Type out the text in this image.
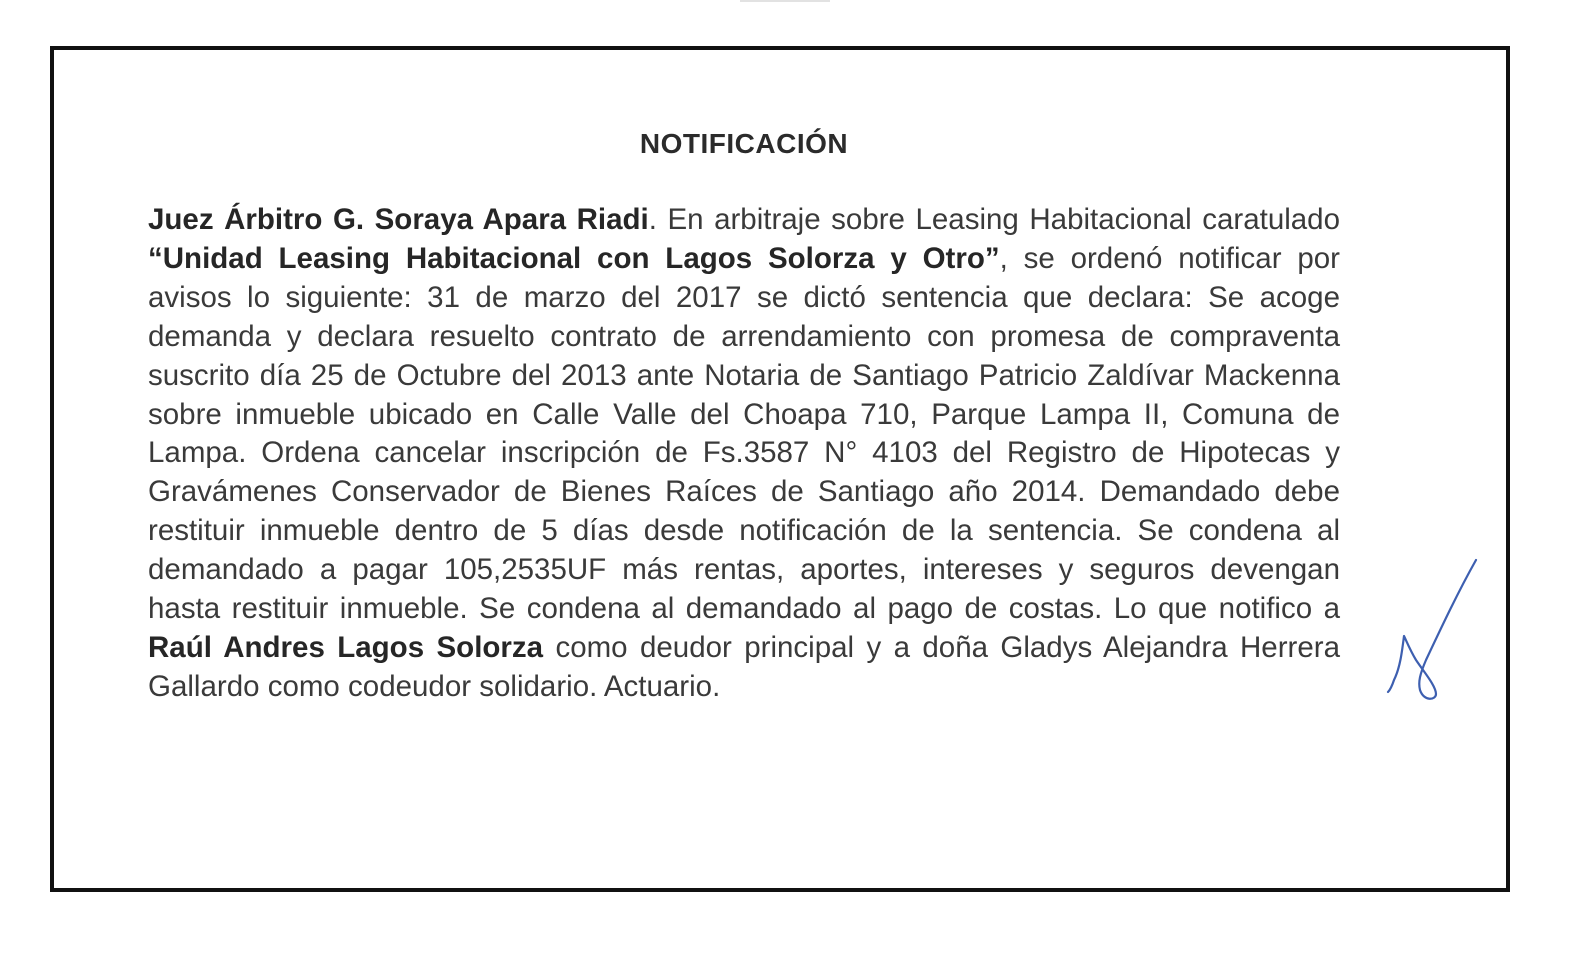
NOTIFICACIÓN

Juez Árbitro G. Soraya Apara Riadi. En arbitraje sobre Leasing Habitacional caratulado “Unidad Leasing Habitacional con Lagos Solorza y Otro”, se ordenó notificar por avisos lo siguiente: 31 de marzo del 2017 se dictó sentencia que declara: Se acoge demanda y declara resuelto contrato de arrendamiento con promesa de compraventa suscrito día 25 de Octubre del 2013 ante Notaria de Santiago Patricio Zaldívar Mackenna sobre inmueble ubicado en Calle Valle del Choapa 710, Parque Lampa II, Comuna de Lampa. Ordena cancelar inscripción de Fs.3587 N° 4103 del Registro de Hipotecas y Gravámenes Conservador de Bienes Raíces de Santiago año 2014. Demandado debe restituir inmueble dentro de 5 días desde notificación de la sentencia. Se condena al demandado a pagar 105,2535UF más rentas, aportes, intereses y seguros devengan hasta restituir inmueble. Se condena al demandado al pago de costas. Lo que notifico a Raúl Andres Lagos Solorza como deudor principal y a doña Gladys Alejandra Herrera Gallardo como codeudor solidario. Actuario.
